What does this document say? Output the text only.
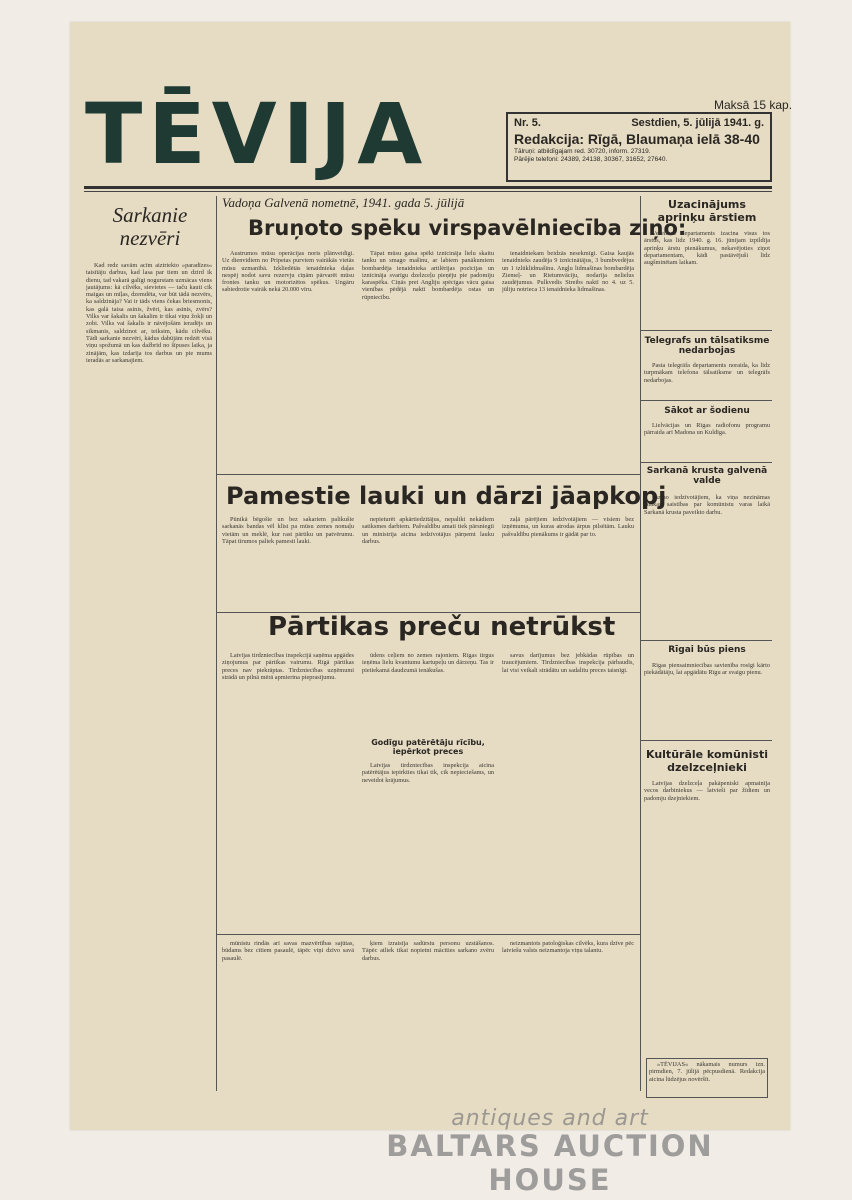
TĒVIJA	Maksā 15 kap.
Nr. 5.	Sestdien, 5. jūlijā 1941. g.
Redakcija: Rīgā, Blaumaņa ielā 38-40
Tālruņi: atbildīgajam red. 30720, inform. 27319.
Pārējie telefoni: 24389, 24138, 30367, 31652, 27640.
Sarkanie nezvēri

Kad redz savām acīm aiztriekto »paradīzes« taisītāju darbus, kad lasa par tiem un dzird ik dienu, tad vakarā galīgi nogurstam uzmācas viens jautājums: kā cilvēks, sievietes — taču kauti cik maigas un mīļas, dzemdēta, var būt tādā nezvērs, ka saldzināja? Vai ir tāds viens čekas briesmonis, kas galā taisa asinis, žvēri, kas asinis, zvērs? Vilks var šakalis un šakalim ir tikai viņu žokļi un zobi. Vilks vai šakalis ir nāvējošām ieradējs un sīkmanis, saldzinot ar, teiksim, kādu cilvēku. Tādi sarkanie nezvēri, kādus dabūjām redzēt visā viņu spožumā un kas dažbrīd no šīpuses laika, ja zinājām, kas izdarīja tos darbus un pie mums ieradās ar sarkanajiem.

Vadoņa Galvenā nometnē, 1941. gada 5. jūlijā
Bruņoto spēku virspavēlniecība ziņo:

Austrumos mūsu operācijas noris plānveidīgi. Uz dienvidiem no Pripetas purviem vairākās vietās mūsu uzmanībā. Izkliedētās ienaidnieka daļas nespēj nodot savu rezervju cīņām pārvarēt mūsu frontes tanku un motorizētos spēkus. Ungāru sabiedrotie vairāk nekā 20.000 vīru.

Tāpat mūsu gaisa spēki iznīcināja lielu skaitu tanku un smago mašīnu, ar labiem panākumiem bombardēja ienaidnieka artilērijas pozīcijas un iznīcināja svarīgu dzelzceļu pieņēju pie padomiju karaspēka. Ciņās pret Angliju spēcīgas vācu gaisa vienības pēdējā naktī bombardēja ostas un rūpniecību.

ienaidniekam beidzās nesekmīgi. Gaisa kaujās ienaidnieks zaudēja 9 iznīcinātājus, 3 bumbvedējus un 1 izlūklidmašīnu. Angļu lidmašīnas bombardēja Ziemeļ- un Rietumvāciju, nodarīja nelielus zaudējumus. Pulkvedis Streibs naktī no 4. uz 5. jūliju notrieca 13 ienaidnieka lidmašīnas.

Uzacinājums aprinķu ārstiem

Veselības departaments izacina visus tos ārstus, kas līdz 1940. g. 16. jūnijam izpildīja aprinķu ārstu pienākumus, nekavējoties ziņot departamentam, kādi pastāvējuši līdz augšminētam laikam.

Telegrafs un tālsatiksme nedarbojas

Pasta telegrāfa departaments noraida, ka līdz turpmākam telefona tālsatiksme un telegrāfs nedarbojas.

Sākot ar šodienu

Lielvācijas un Rīgas radiofonu programu pārraida arī Madona un Kuldīga.

Sarkanā krusta galvenā valde

paziņo iedzīvotājiem, ka viņa nezināmas tālākas saistības par komūnistu varas laikā Sarkanā krusta paveikto darbu.

Rīgai būs piens

Rīgas piensaimniecības savienība rosīgi kārto piekādātāju, lai apgādātu Rīgu ar svaigu pienu.

Kultūrāle komūnisti dzelzceļnieki

Latvijas dzelzceļa pakāpeniski apmainīja vecos darbiniekus — latvieši par žīdiem un padomju dzejniekiem.

»TĒVIJAS« nākamais numurs izn. pirmdien, 7. jūlijā pēcpusdienā. Redakcija aicina lūdzējus novēršīt.

Pamestie lauki un dārzi jāapkopj

Pūnikā bēgošie un bez sakariem palikušie sarkanās bandas vēl klīst pa mūsu zemes nomaļu vietām un meklē, kur rast pārtiku un patvērumu. Tāpat tīrumos paliek pamesti lauki.

nepieturēt apkārtiedzītājus, nepalikt nekādiem satiksmes darbiem. Pašvaldību amati tiek pārsniegti un ministrija aicina iedzīvotājus pārņemt lauku darbus.

zaļā pārējiem iedzīvotājiem — visiem bez izņēmuma, un kuras atrodas ārpus pilsētām. Lauku pašvaldību pienākums ir gādāt par to.

Pārtikas preču netrūkst

Latvijas tirdzniecības inspekcijā saņēma apgādes ziņojumus par pārtikas vairumu. Rīgā pārtikas preces nav piekrāptas. Tirdzniecības uzņēmumi strādā un pilnā mērā apmierina pieprasījumu.

ūdens ceļiem no zemes rajoniem. Rīgas tirgus ieņēma lielu kvantumu kartupeļu un dārzeņu. Tas ir pietiekamā daudzumā ienākušas.

Godīgu patērētāju rīcību, iepērkot preces

Latvijas tirdzniecības inspekcija aicina patērētājus iepirkties tikai tik, cik nepieciešams, un neveidot krājumus.

savus darījumus bez jebkādas rūpības un traucējumiem. Tirdzniecības inspekcija pārbaudīs, lai visi veikali strādātu un sadalītu preces taisnīgi.

mūnistu rindās arī savas mazvērtības sajūtas, būdams bez cītiem pasaulē, tāpēc viņi dzīvo savā pasaulē.

ķiem izraisīja sadūrstu personu uzstāšanos. Tāpēc atliek tikai nopietni mācīties sarkano zvēru darbus.

neizmantots patoloģiskas cilvēks, kura dzīve pēc latviešu valsts neizmantoja viņu talantu.

antiques and art
BALTARS AUCTION HOUSE
